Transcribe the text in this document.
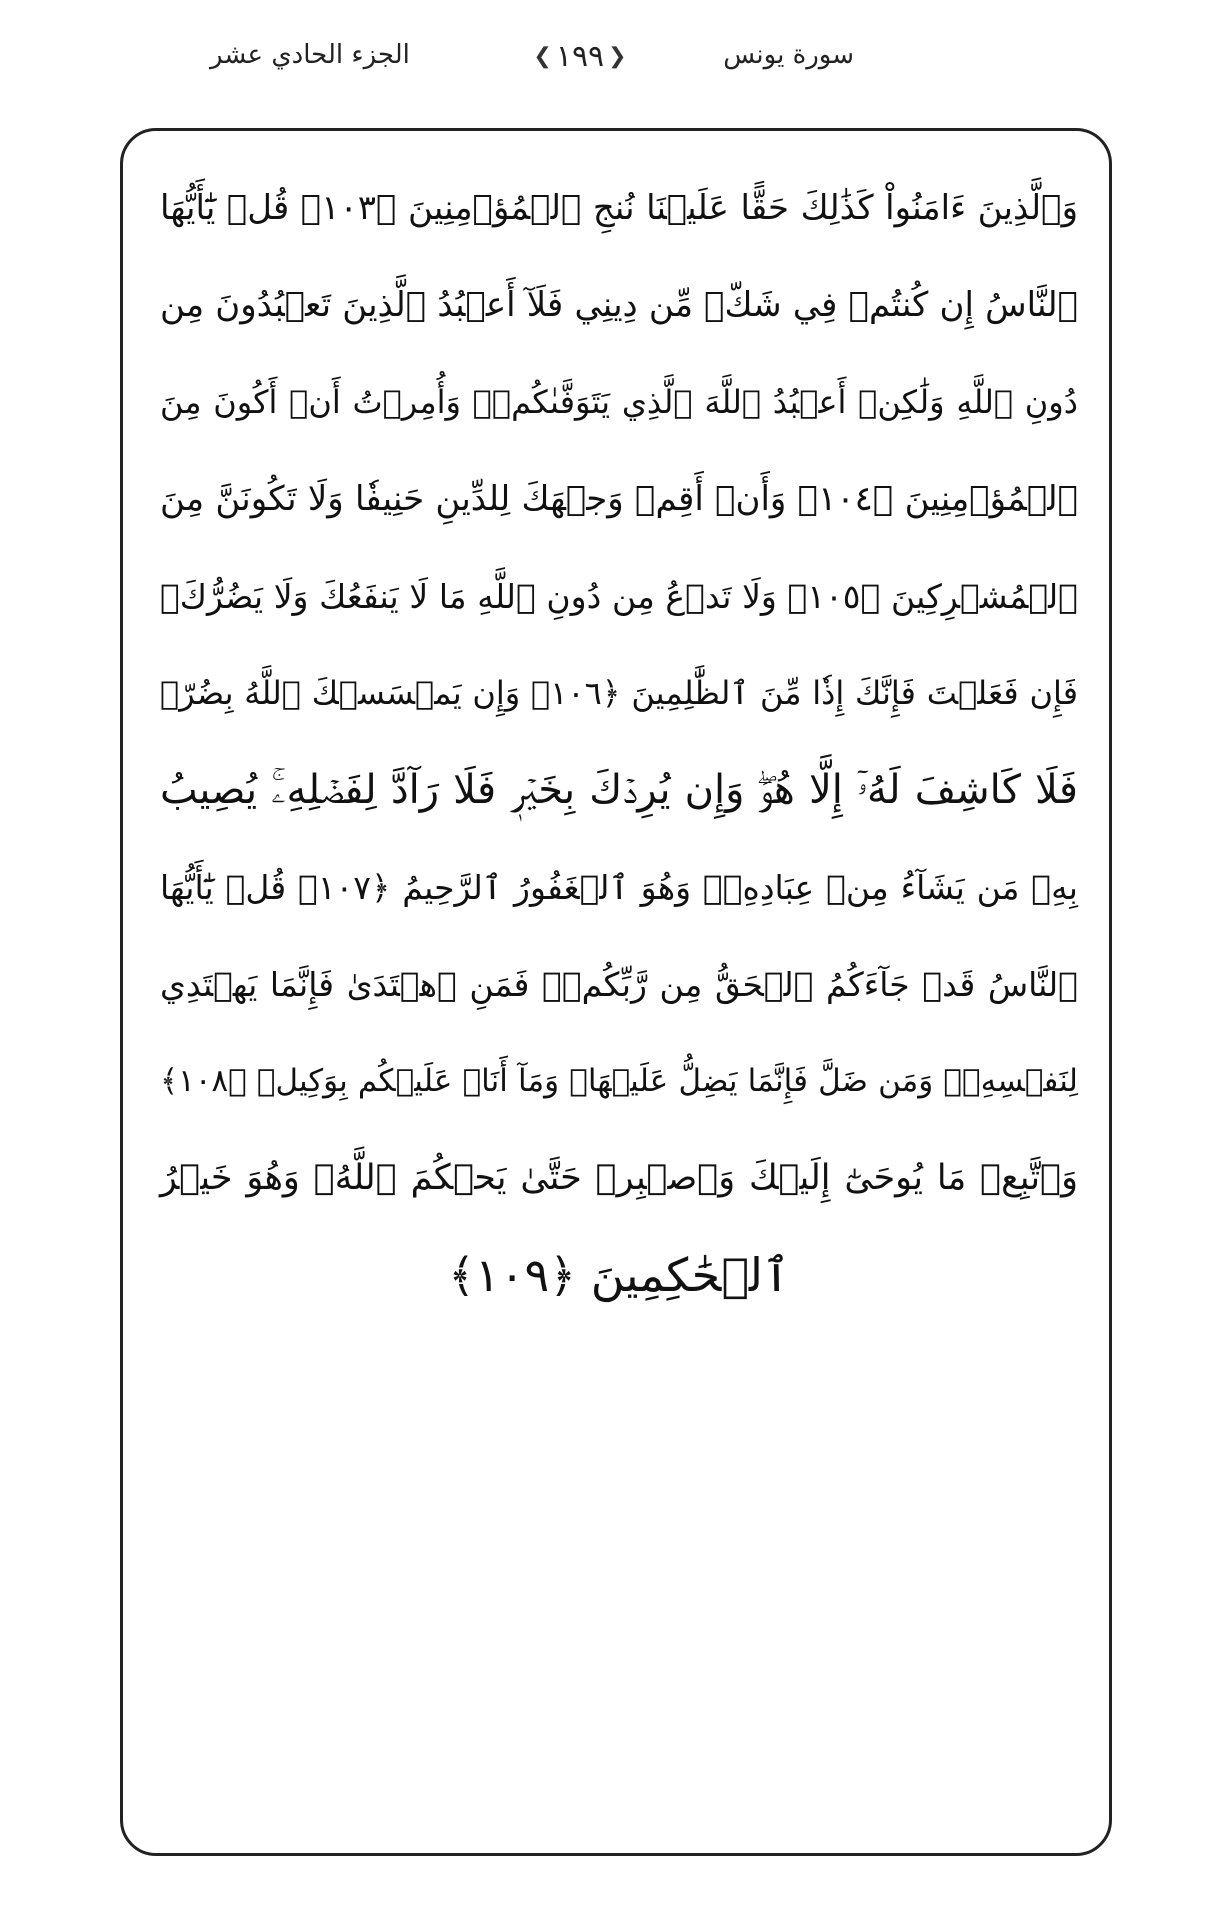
الجزء الحادي عشر	❮ ١٩٩ ❯	سورة يونس
وَٱلَّذِينَ ءَامَنُواْ كَذَٰلِكَ حَقًّا عَلَيۡنَا نُنجِ ٱلۡمُؤۡمِنِينَ ﴿١٠٣﴾ قُلۡ يَٰٓأَيُّهَا
ٱلنَّاسُ إِن كُنتُمۡ فِي شَكّٖ مِّن دِينِي فَلَآ أَعۡبُدُ ٱلَّذِينَ تَعۡبُدُونَ مِن
دُونِ ٱللَّهِ وَلَٰكِنۡ أَعۡبُدُ ٱللَّهَ ٱلَّذِي يَتَوَفَّىٰكُمۡۖ وَأُمِرۡتُ أَنۡ أَكُونَ مِنَ
ٱلۡمُؤۡمِنِينَ ﴿١٠٤﴾ وَأَنۡ أَقِمۡ وَجۡهَكَ لِلدِّينِ حَنِيفٗا وَلَا تَكُونَنَّ مِنَ
ٱلۡمُشۡرِكِينَ ﴿١٠٥﴾ وَلَا تَدۡعُ مِن دُونِ ٱللَّهِ مَا لَا يَنفَعُكَ وَلَا يَضُرُّكَۖ
فَإِن فَعَلۡتَ فَإِنَّكَ إِذٗا مِّنَ ٱلظَّٰلِمِينَ ﴿١٠٦﴾ وَإِن يَمۡسَسۡكَ ٱللَّهُ بِضُرّٖ
فَلَا كَاشِفَ لَهُۥٓ إِلَّا هُوَۖ وَإِن يُرِدۡكَ بِخَيۡرٖ فَلَا رَآدَّ لِفَضۡلِهِۦۚ يُصِيبُ
بِهِۦ مَن يَشَآءُ مِنۡ عِبَادِهِۦۚ وَهُوَ ٱلۡغَفُورُ ٱلرَّحِيمُ ﴿١٠٧﴾ قُلۡ يَٰٓأَيُّهَا
ٱلنَّاسُ قَدۡ جَآءَكُمُ ٱلۡحَقُّ مِن رَّبِّكُمۡۖ فَمَنِ ٱهۡتَدَىٰ فَإِنَّمَا يَهۡتَدِي
لِنَفۡسِهِۦۖ وَمَن ضَلَّ فَإِنَّمَا يَضِلُّ عَلَيۡهَاۖ وَمَآ أَنَا۠ عَلَيۡكُم بِوَكِيلٖ ﴿١٠٨﴾
وَٱتَّبِعۡ مَا يُوحَىٰٓ إِلَيۡكَ وَٱصۡبِرۡ حَتَّىٰ يَحۡكُمَ ٱللَّهُۚ وَهُوَ خَيۡرُ
ٱلۡحَٰكِمِينَ ﴿١٠٩﴾
